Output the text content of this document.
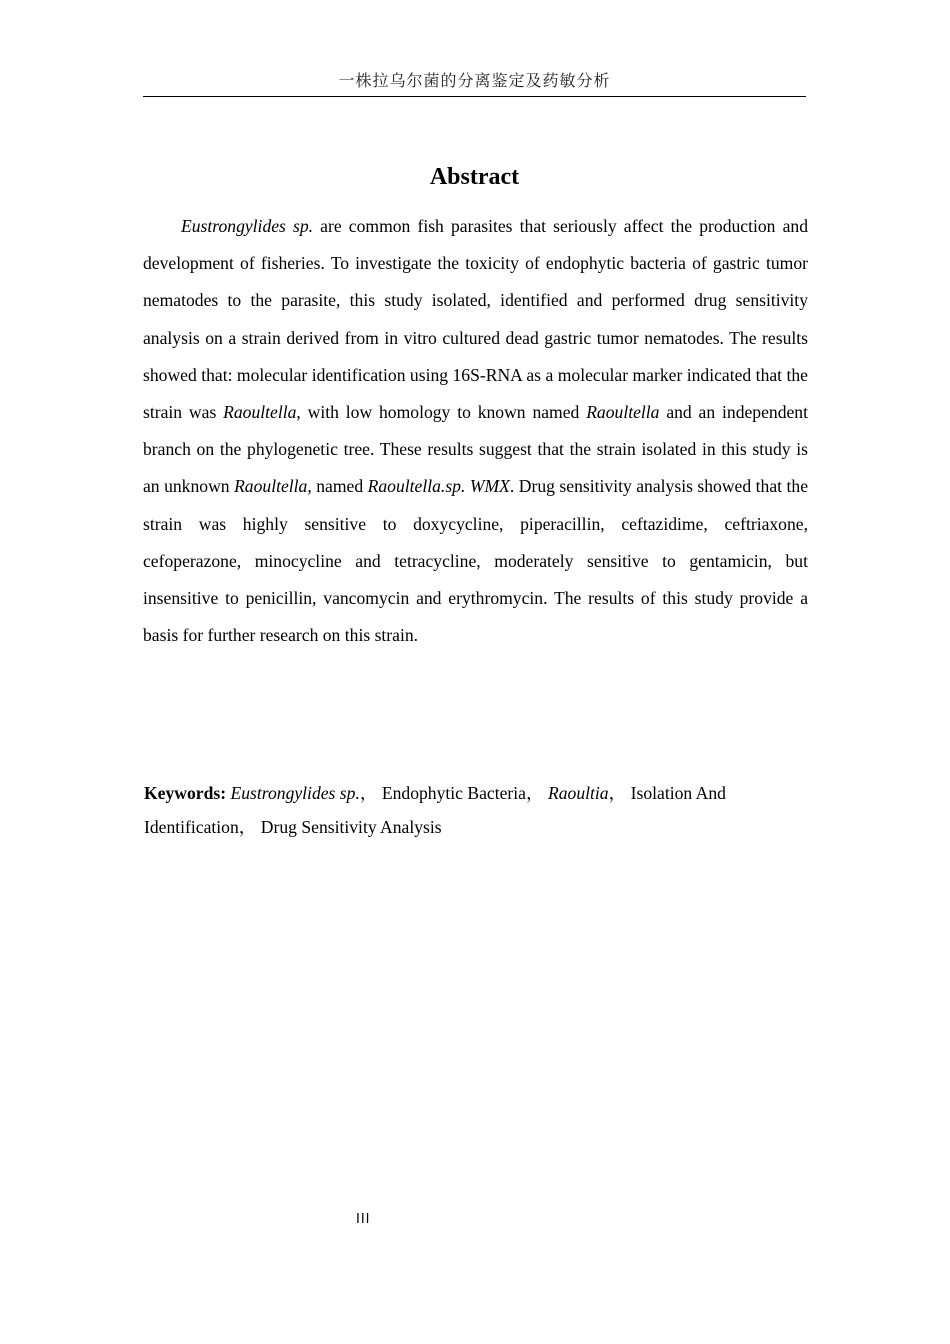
一株拉乌尔菌的分离鉴定及药敏分析
Abstract

Eustrongylides sp. are common fish parasites that seriously affect the production and development of fisheries. To investigate the toxicity of endophytic bacteria of gastric tumor nematodes to the parasite, this study isolated, identified and performed drug sensitivity analysis on a strain derived from in vitro cultured dead gastric tumor nematodes. The results showed that: molecular identification using 16S-RNA as a molecular marker indicated that the strain was Raoultella, with low homology to known named Raoultella and an independent branch on the phylogenetic tree. These results suggest that the strain isolated in this study is an unknown Raoultella, named Raoultella.sp. WMX. Drug sensitivity analysis showed that the strain was highly sensitive to doxycycline, piperacillin, ceftazidime, ceftriaxone, cefoperazone, minocycline and tetracycline, moderately sensitive to gentamicin, but insensitive to penicillin, vancomycin and erythromycin. The results of this study provide a basis for further research on this strain.

Keywords: Eustrongylides sp.， Endophytic Bacteria， Raoultia， Isolation And Identification， Drug Sensitivity Analysis

III
